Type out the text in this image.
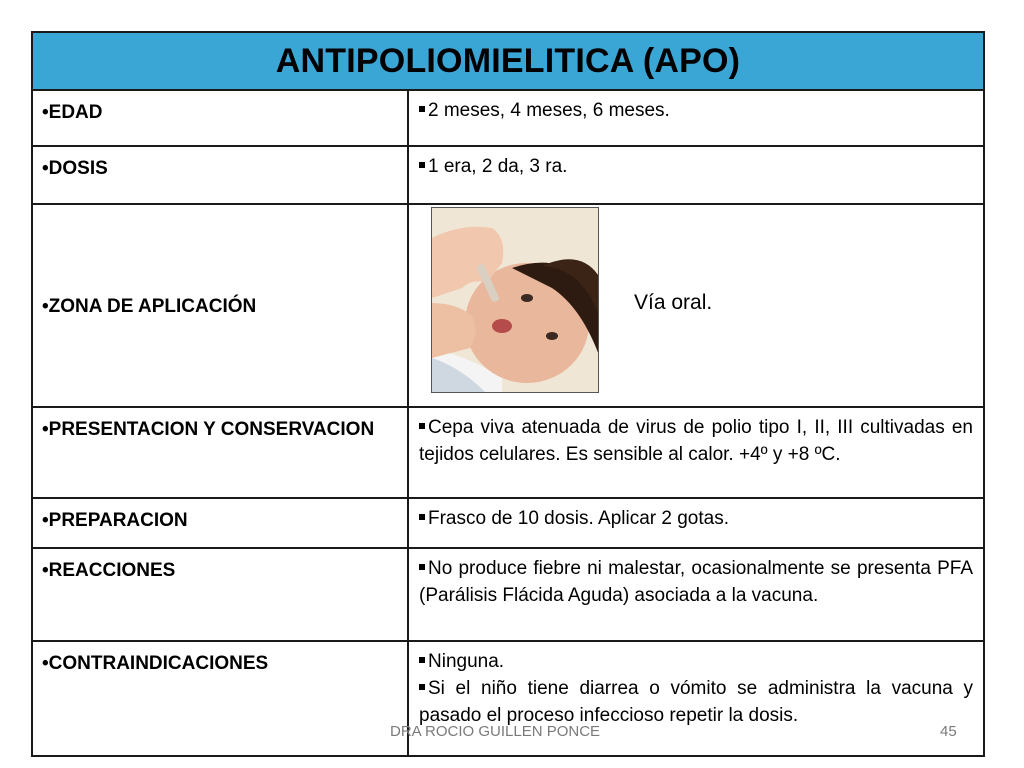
ANTIPOLIOMIELITICA (APO)
•EDAD	2 meses, 4 meses, 6 meses.
•DOSIS	1 era, 2 da, 3 ra.
•ZONA DE APLICACIÓN	Vía oral.
•PRESENTACION Y CONSERVACION	Cepa viva atenuada de virus de polio tipo I, II, III cultivadas en tejidos celulares. Es sensible al calor. +4º y +8 ºC.
•PREPARACION	Frasco de 10 dosis. Aplicar 2 gotas.
•REACCIONES	No produce fiebre ni malestar, ocasionalmente se presenta PFA (Parálisis Flácida Aguda) asociada a la vacuna.
•CONTRAINDICACIONES	Ninguna.
Si el niño tiene diarrea o vómito se administra la vacuna y pasado el proceso infeccioso repetir la dosis.
DRA ROCIO GUILLEN PONCE	45
